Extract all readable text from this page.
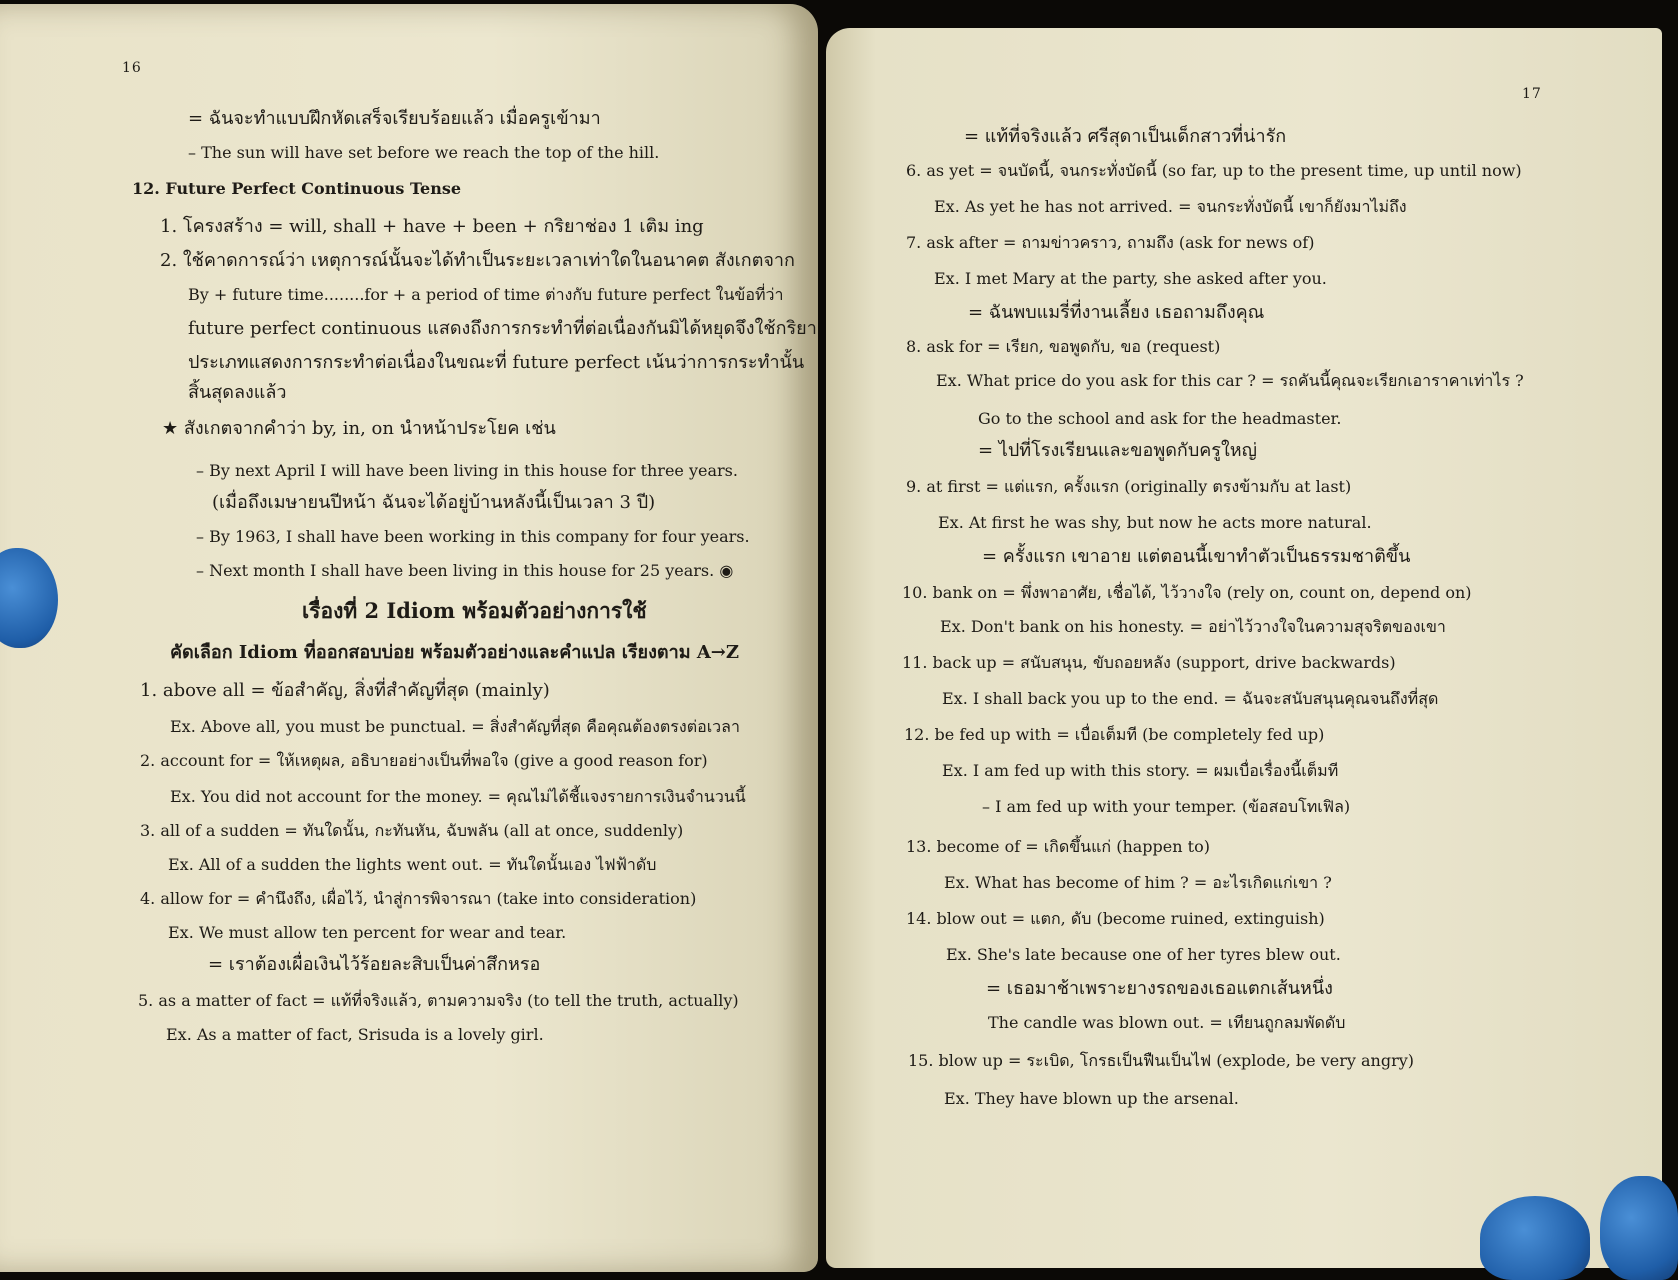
16
= ฉันจะทำแบบฝึกหัดเสร็จเรียบร้อยแล้ว เมื่อครูเข้ามา
– The sun will have set before we reach the top of the hill.
12. Future Perfect Continuous Tense
1. โครงสร้าง = will, shall + have + been + กริยาช่อง 1 เติม ing
2. ใช้คาดการณ์ว่า เหตุการณ์นั้นจะได้ทำเป็นระยะเวลาเท่าใดในอนาคต สังเกตจาก
By + future time........for + a period of time ต่างกับ future perfect ในข้อที่ว่า
future perfect continuous แสดงถึงการกระทำที่ต่อเนื่องกันมิได้หยุดจึงใช้กริยา
ประเภทแสดงการกระทำต่อเนื่องในขณะที่ future perfect เน้นว่าการกระทำนั้น
สิ้นสุดลงแล้ว
★ สังเกตจากคำว่า by, in, on นำหน้าประโยค เช่น
– By next April I will have been living in this house for three years.
(เมื่อถึงเมษายนปีหน้า ฉันจะได้อยู่บ้านหลังนี้เป็นเวลา 3 ปี)
– By 1963, I shall have been working in this company for four years.
– Next month I shall have been living in this house for 25 years. ◉
เรื่องที่ 2 Idiom พร้อมตัวอย่างการใช้
คัดเลือก Idiom ที่ออกสอบบ่อย พร้อมตัวอย่างและคำแปล เรียงตาม A→Z
1. above all = ข้อสำคัญ, สิ่งที่สำคัญที่สุด (mainly)
Ex. Above all, you must be punctual. = สิ่งสำคัญที่สุด คือคุณต้องตรงต่อเวลา
2. account for = ให้เหตุผล, อธิบายอย่างเป็นที่พอใจ (give a good reason for)
Ex. You did not account for the money. = คุณไม่ได้ชี้แจงรายการเงินจำนวนนี้
3. all of a sudden = ทันใดนั้น, กะทันหัน, ฉับพลัน (all at once, suddenly)
Ex. All of a sudden the lights went out. = ทันใดนั้นเอง ไฟฟ้าดับ
4. allow for = คำนึงถึง, เผื่อไว้, นำสู่การพิจารณา (take into consideration)
Ex. We must allow ten percent for wear and tear.
= เราต้องเผื่อเงินไว้ร้อยละสิบเป็นค่าสึกหรอ
5. as a matter of fact = แท้ที่จริงแล้ว, ตามความจริง (to tell the truth, actually)
Ex. As a matter of fact, Srisuda is a lovely girl.
17
= แท้ที่จริงแล้ว ศรีสุดาเป็นเด็กสาวที่น่ารัก
6. as yet = จนบัดนี้, จนกระทั่งบัดนี้ (so far, up to the present time, up until now)
Ex. As yet he has not arrived. = จนกระทั่งบัดนี้ เขาก็ยังมาไม่ถึง
7. ask after = ถามข่าวคราว, ถามถึง (ask for news of)
Ex. I met Mary at the party, she asked after you.
= ฉันพบแมรี่ที่งานเลี้ยง เธอถามถึงคุณ
8. ask for = เรียก, ขอพูดกับ, ขอ (request)
Ex. What price do you ask for this car ? = รถคันนี้คุณจะเรียกเอาราคาเท่าไร ?
Go to the school and ask for the headmaster.
= ไปที่โรงเรียนและขอพูดกับครูใหญ่
9. at first = แต่แรก, ครั้งแรก (originally ตรงข้ามกับ at last)
Ex. At first he was shy, but now he acts more natural.
= ครั้งแรก เขาอาย แต่ตอนนี้เขาทำตัวเป็นธรรมชาติขึ้น
10. bank on = พึ่งพาอาศัย, เชื่อได้, ไว้วางใจ (rely on, count on, depend on)
Ex. Don't bank on his honesty. = อย่าไว้วางใจในความสุจริตของเขา
11. back up = สนับสนุน, ขับถอยหลัง (support, drive backwards)
Ex. I shall back you up to the end. = ฉันจะสนับสนุนคุณจนถึงที่สุด
12. be fed up with = เบื่อเต็มที (be completely fed up)
Ex. I am fed up with this story. = ผมเบื่อเรื่องนี้เต็มที
– I am fed up with your temper. (ข้อสอบโทเฟิล)
13. become of = เกิดขึ้นแก่ (happen to)
Ex. What has become of him ? = อะไรเกิดแก่เขา ?
14. blow out = แตก, ดับ (become ruined, extinguish)
Ex. She's late because one of her tyres blew out.
= เธอมาช้าเพราะยางรถของเธอแตกเส้นหนึ่ง
The candle was blown out. = เทียนถูกลมพัดดับ
15. blow up = ระเบิด, โกรธเป็นฟืนเป็นไฟ (explode, be very angry)
Ex. They have blown up the arsenal.
